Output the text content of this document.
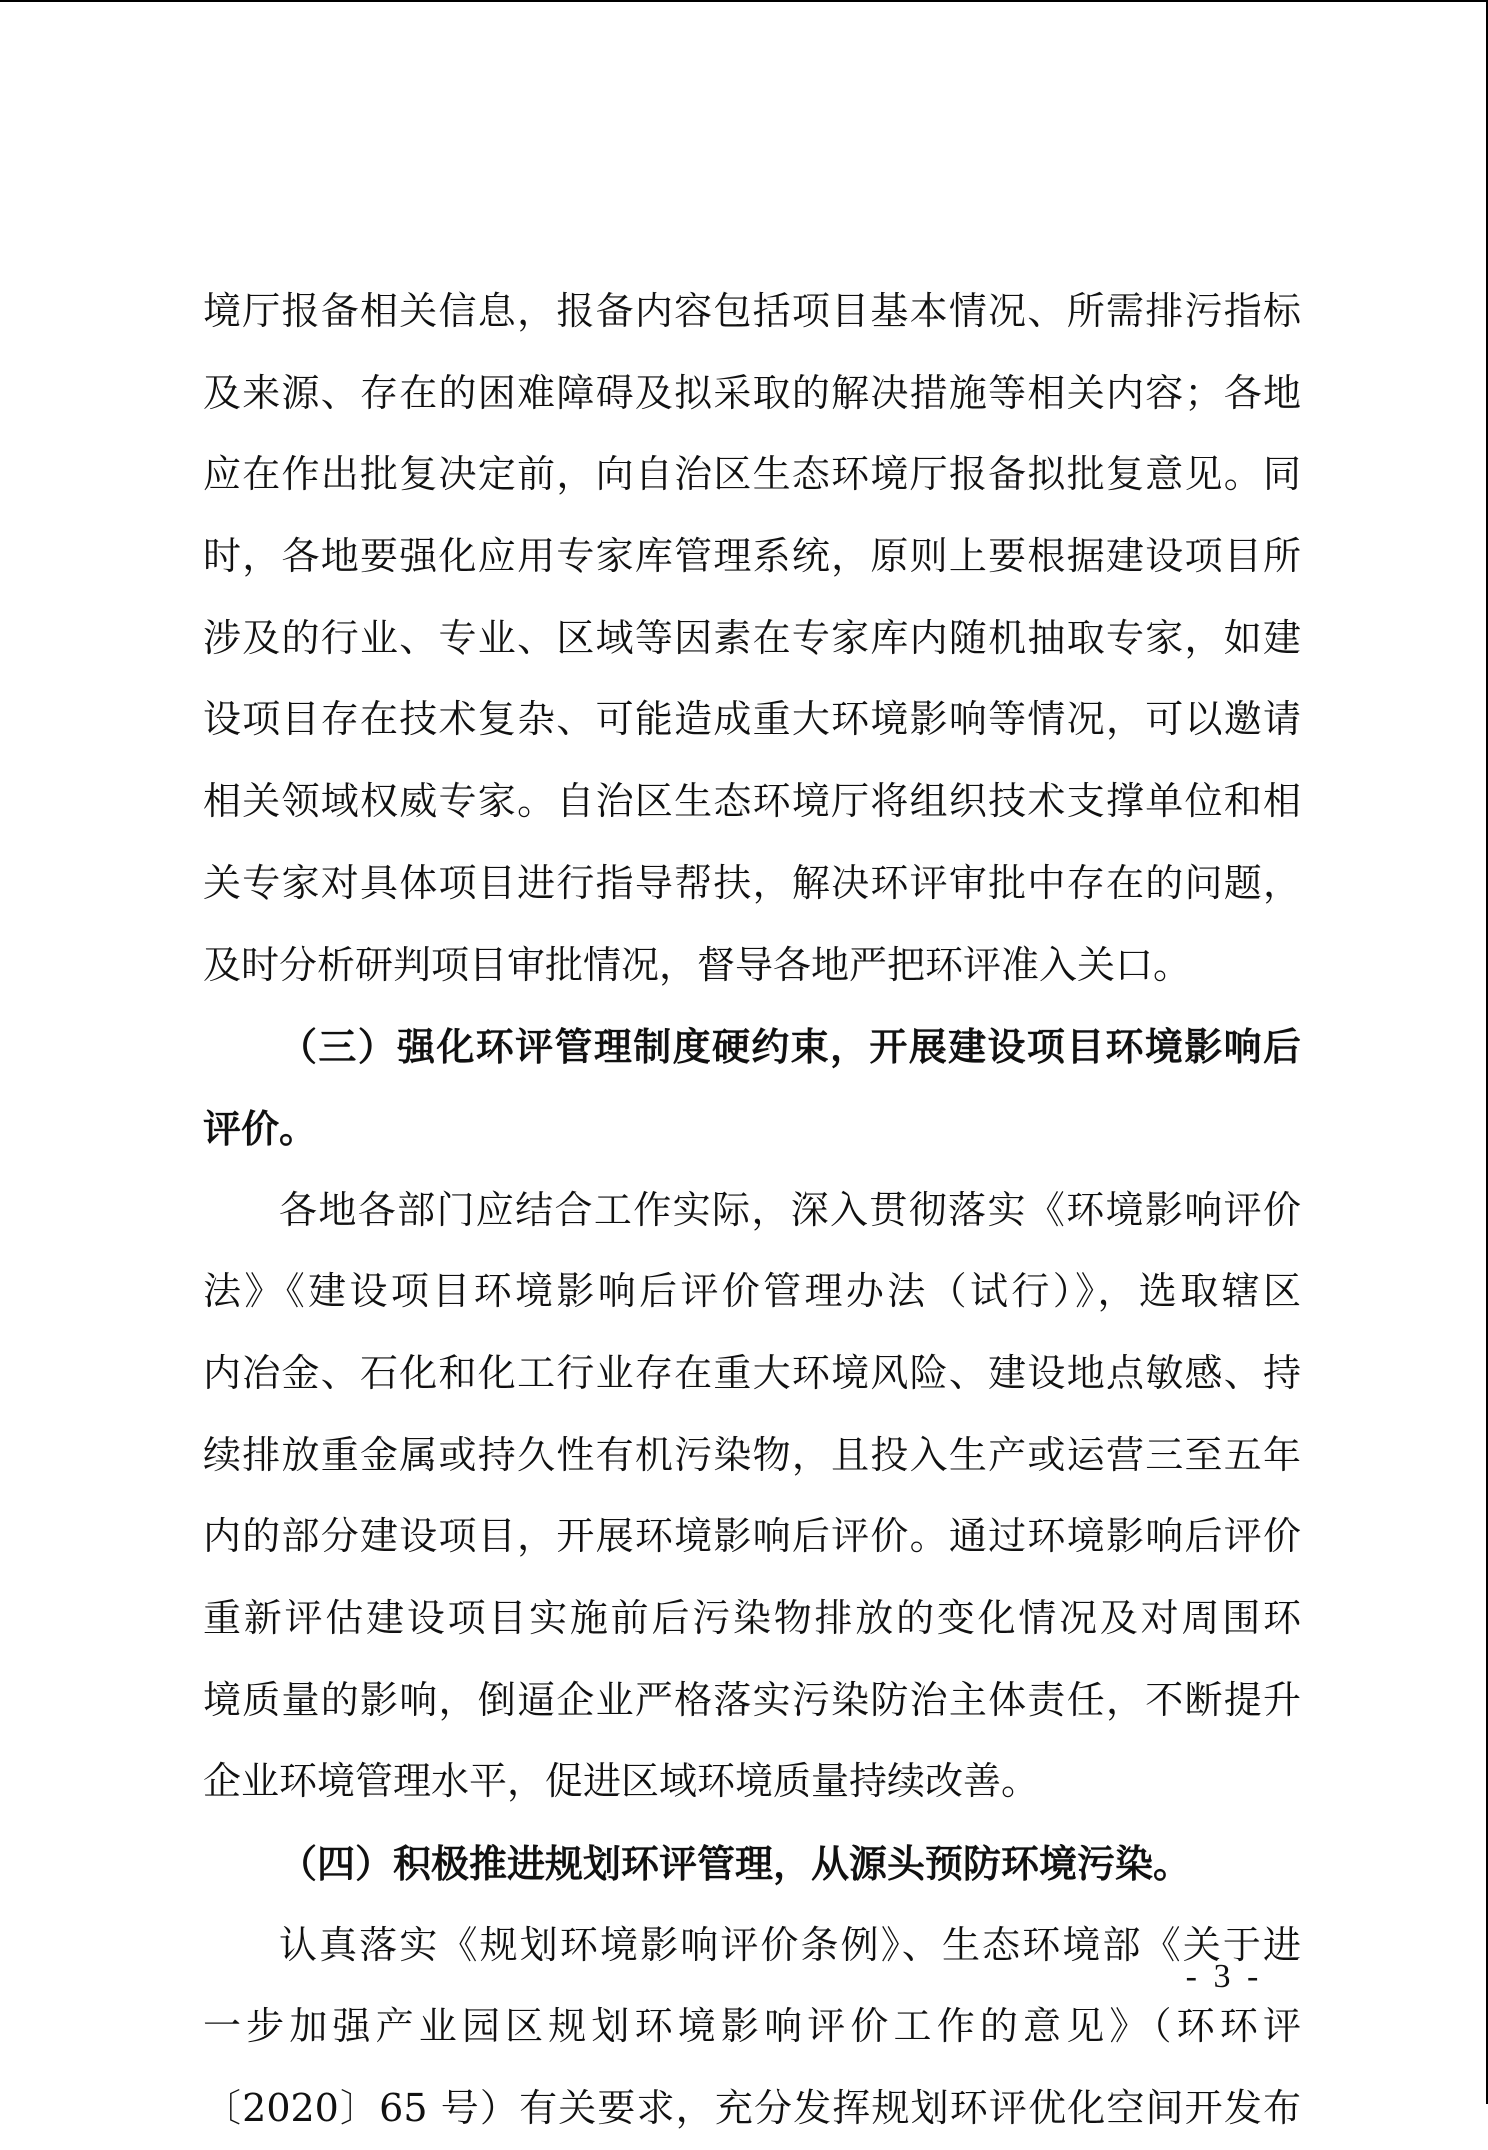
境厅报备相关信息，报备内容包括项目基本情况、所需排污指标
及来源、存在的困难障碍及拟采取的解决措施等相关内容；各地
应在作出批复决定前，向自治区生态环境厅报备拟批复意见。同
时，各地要强化应用专家库管理系统，原则上要根据建设项目所
涉及的行业、专业、区域等因素在专家库内随机抽取专家，如建
设项目存在技术复杂、可能造成重大环境影响等情况，可以邀请
相关领域权威专家。自治区生态环境厅将组织技术支撑单位和相
关专家对具体项目进行指导帮扶，解决环评审批中存在的问题，
及时分析研判项目审批情况，督导各地严把环评准入关口。
（三）强化环评管理制度硬约束，开展建设项目环境影响后
评价。
各地各部门应结合工作实际，深入贯彻落实《环境影响评价
法》《建设项目环境影响后评价管理办法（试行）》，选取辖区
内冶金、石化和化工行业存在重大环境风险、建设地点敏感、持
续排放重金属或持久性有机污染物，且投入生产或运营三至五年
内的部分建设项目，开展环境影响后评价。通过环境影响后评价
重新评估建设项目实施前后污染物排放的变化情况及对周围环
境质量的影响，倒逼企业严格落实污染防治主体责任，不断提升
企业环境管理水平，促进区域环境质量持续改善。
（四）积极推进规划环评管理，从源头预防环境污染。
认真落实《规划环境影响评价条例》、生态环境部《关于进
一步加强产业园区规划环境影响评价工作的意见》（环环评
〔2020〕65 号）有关要求，充分发挥规划环评优化空间开发布
- 3 -
